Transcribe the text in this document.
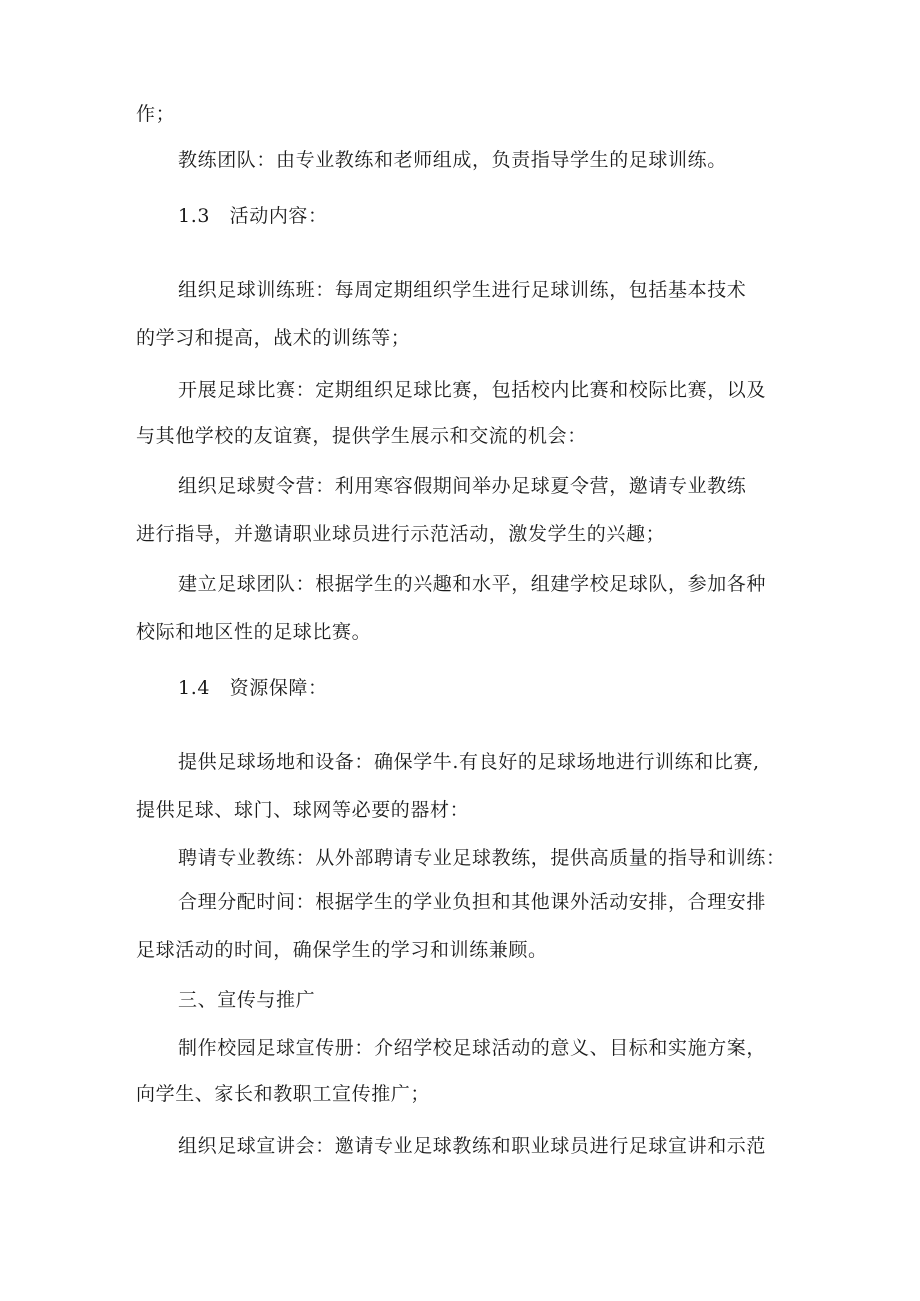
作；
教练团队：由专业教练和老师组成，负责指导学生的足球训练。
1.3　活动内容：
组织足球训练班：每周定期组织学生进行足球训练，包括基本技术
的学习和提高，战术的训练等；
开展足球比赛：定期组织足球比赛，包括校内比赛和校际比赛，以及
与其他学校的友谊赛，提供学生展示和交流的机会：
组织足球熨令营：利用寒容假期间举办足球夏令营，邀请专业教练
进行指导，并邀请职业球员进行示范活动，激发学生的兴趣；
建立足球团队：根据学生的兴趣和水平，组建学校足球队，参加各种
校际和地区性的足球比赛。
1.4　资源保障：
提供足球场地和设备：确保学牛.有良好的足球场地进行训练和比赛,
提供足球、球门、球网等必要的器材：
聘请专业教练：从外部聘请专业足球教练，提供高质量的指导和训练：
合理分配时间：根据学生的学业负担和其他课外活动安排，合理安排
足球活动的时间，确保学生的学习和训练兼顾。
三、宣传与推广
制作校园足球宣传册：介绍学校足球活动的意义、目标和实施方案，
向学生、家长和教职工宣传推广；
组织足球宣讲会：邀请专业足球教练和职业球员进行足球宣讲和示范
